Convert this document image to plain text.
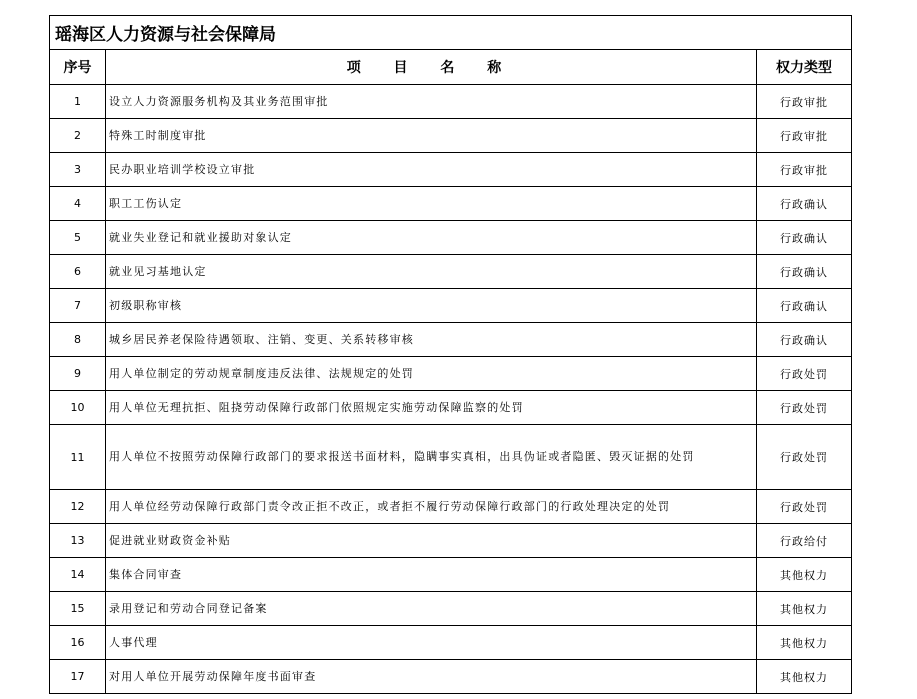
瑶海区人力资源与社会保障局		
序号	项 目 名 称	权力类型
1	设立人力资源服务机构及其业务范围审批	行政审批
2	特殊工时制度审批	行政审批
3	民办职业培训学校设立审批	行政审批
4	职工工伤认定	行政确认
5	就业失业登记和就业援助对象认定	行政确认
6	就业见习基地认定	行政确认
7	初级职称审核	行政确认
8	城乡居民养老保险待遇领取、注销、变更、关系转移审核	行政确认
9	用人单位制定的劳动规章制度违反法律、法规规定的处罚	行政处罚
10	用人单位无理抗拒、阻挠劳动保障行政部门依照规定实施劳动保障监察的处罚	行政处罚
11	用人单位不按照劳动保障行政部门的要求报送书面材料，隐瞒事实真相，出具伪证或者隐匿、毁灭证据的处罚	行政处罚
12	用人单位经劳动保障行政部门责令改正拒不改正，或者拒不履行劳动保障行政部门的行政处理决定的处罚	行政处罚
13	促进就业财政资金补贴	行政给付
14	集体合同审查	其他权力
15	录用登记和劳动合同登记备案	其他权力
16	人事代理	其他权力
17	对用人单位开展劳动保障年度书面审查	其他权力
